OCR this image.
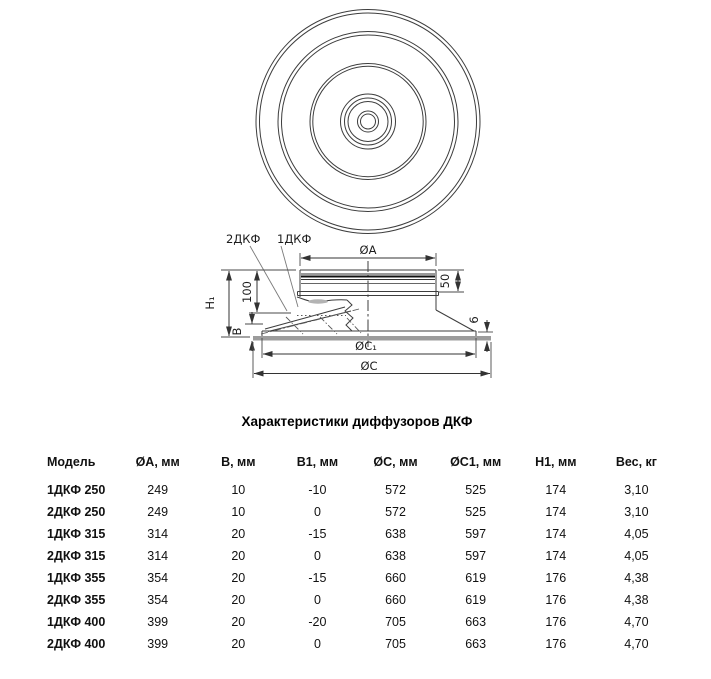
2ДКФ 1ДКФ
ØA
50
H₁
100
B
6
ØC₁
ØC

Характеристики диффузоров ДКФ

Модель	ØA, мм	B, мм	B1, мм	ØC, мм	ØC1, мм	H1, мм	Вес, кг
1ДКФ 250	249	10	-10	572	525	174	3,10
2ДКФ 250	249	10	0	572	525	174	3,10
1ДКФ 315	314	20	-15	638	597	174	4,05
2ДКФ 315	314	20	0	638	597	174	4,05
1ДКФ 355	354	20	-15	660	619	176	4,38
2ДКФ 355	354	20	0	660	619	176	4,38
1ДКФ 400	399	20	-20	705	663	176	4,70
2ДКФ 400	399	20	0	705	663	176	4,70
